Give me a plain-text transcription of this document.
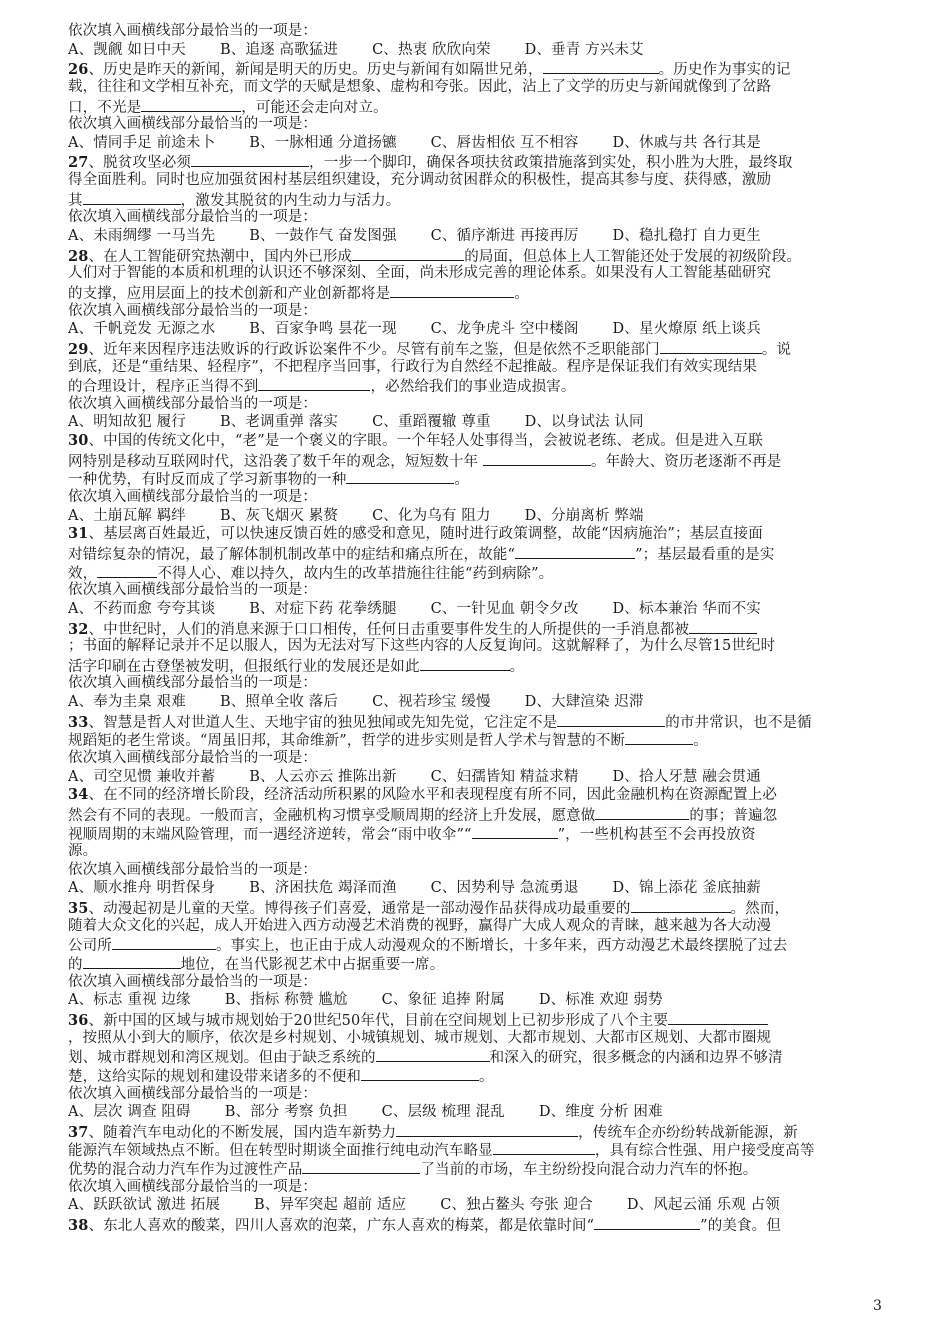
依次填入画横线部分最恰当的一项是：
A、觊觎 如日中天 B、追逐 高歌猛进 C、热衷 欣欣向荣 D、垂青 方兴未艾
26、历史是昨天的新闻，新闻是明天的历史。历史与新闻有如隔世兄弟，	。历史作为事实的记
载，往往和文学相互补充，而文学的天赋是想象、虚构和夸张。因此，沾上了文学的历史与新闻就像到了岔路
口，不光是	，可能还会走向对立。
依次填入画横线部分最恰当的一项是：
A、情同手足 前途未卜 B、一脉相通 分道扬镳 C、唇齿相依 互不相容 D、休戚与共 各行其是
27、脱贫攻坚必须	，一步一个脚印，确保各项扶贫政策措施落到实处，积小胜为大胜，最终取
得全面胜利。同时也应加强贫困村基层组织建设，充分调动贫困群众的积极性，提高其参与度、获得感，激励
其	，激发其脱贫的内生动力与活力。
依次填入画横线部分最恰当的一项是：
A、未雨绸缪 一马当先 B、一鼓作气 奋发图强 C、循序渐进 再接再厉 D、稳扎稳打 自力更生
28、在人工智能研究热潮中，国内外已形成	的局面，但总体上人工智能还处于发展的初级阶段。
人们对于智能的本质和机理的认识还不够深刻、全面，尚未形成完善的理论体系。如果没有人工智能基础研究
的支撑，应用层面上的技术创新和产业创新都将是	。
依次填入画横线部分最恰当的一项是：
A、千帆竞发 无源之水 B、百家争鸣 昙花一现 C、龙争虎斗 空中楼阁 D、星火燎原 纸上谈兵
29、近年来因程序违法败诉的行政诉讼案件不少。尽管有前车之鉴，但是依然不乏职能部门	。说
到底，还是“重结果、轻程序”，不把程序当回事，行政行为自然经不起推敲。程序是保证我们有效实现结果
的合理设计，程序正当得不到	，必然给我们的事业造成损害。
依次填入画横线部分最恰当的一项是：
A、明知故犯 履行 B、老调重弹 落实 C、重蹈覆辙 尊重 D、以身试法 认同
30、中国的传统文化中，“老”是一个褒义的字眼。一个年轻人处事得当，会被说老练、老成。但是进入互联
网特别是移动互联网时代，这沿袭了数千年的观念，短短数十年	。年龄大、资历老逐渐不再是
一种优势，有时反而成了学习新事物的一种	。
依次填入画横线部分最恰当的一项是：
A、土崩瓦解 羁绊 B、灰飞烟灭 累赘 C、化为乌有 阻力 D、分崩离析 弊端
31、基层离百姓最近，可以快速反馈百姓的感受和意见，随时进行政策调整，故能“因病施治”；基层直接面
对错综复杂的情况，最了解体制机制改革中的症结和痛点所在，故能“	”；基层最看重的是实
效，	不得人心、难以持久，故内生的改革措施往往能“药到病除”。
依次填入画横线部分最恰当的一项是：
A、不药而愈 夸夸其谈 B、对症下药 花拳绣腿 C、一针见血 朝令夕改 D、标本兼治 华而不实
32、中世纪时，人们的消息来源于口口相传，任何日击重要事件发生的人所提供的一手消息都被
；书面的解释记录并不足以服人，因为无法对写下这些内容的人反复询问。这就解释了，为什么尽管15世纪时
活字印刷在古登堡被发明，但报纸行业的发展还是如此	。
依次填入画横线部分最恰当的一项是：
A、奉为圭臬 艰难 B、照单全收 落后 C、视若珍宝 缓慢 D、大肆渲染 迟滞
33、智慧是哲人对世道人生、天地宇宙的独见独闻或先知先觉，它注定不是	的市井常识，也不是循
规蹈矩的老生常谈。“周虽旧邦，其命维新”，哲学的进步实则是哲人学术与智慧的不断	。
依次填入画横线部分最恰当的一项是：
A、司空见惯 兼收并蓄 B、人云亦云 推陈出新 C、妇孺皆知 精益求精 D、拾人牙慧 融会贯通
34、在不同的经济增长阶段，经济活动所积累的风险水平和表现程度有所不同，因此金融机构在资源配置上必
然会有不同的表现。一般而言，金融机构习惯享受顺周期的经济上升发展，愿意做	的事；普遍忽
视顺周期的末端风险管理，而一遇经济逆转，常会“雨中收伞”“	”，一些机构甚至不会再投放资
源。
依次填入画横线部分最恰当的一项是：
A、顺水推舟 明哲保身 B、济困扶危 竭泽而渔 C、因势利导 急流勇退 D、锦上添花 釜底抽薪
35、动漫起初是儿童的天堂。博得孩子们喜爱，通常是一部动漫作品获得成功最重要的	。然而，
随着大众文化的兴起，成人开始进入西方动漫艺术消费的视野，赢得广大成人观众的青睐，越来越为各大动漫
公司所	。事实上，也正由于成人动漫观众的不断增长，十多年来，西方动漫艺术最终摆脱了过去
的	地位，在当代影视艺术中占据重要一席。
依次填入画横线部分最恰当的一项是：
A、标志 重视 边缘 B、指标 称赞 尴尬 C、象征 追捧 附属 D、标准 欢迎 弱势
36、新中国的区域与城市规划始于20世纪50年代，目前在空间规划上已初步形成了八个主要
，按照从小到大的顺序，依次是乡村规划、小城镇规划、城市规划、大都市规划、大都市区规划、大都市圈规
划、城市群规划和湾区规划。但由于缺乏系统的	和深入的研究，很多概念的内涵和边界不够清
楚，这给实际的规划和建设带来诸多的不便和	。
依次填入画横线部分最恰当的一项是：
A、层次 调查 阻碍 B、部分 考察 负担 C、层级 梳理 混乱 D、维度 分析 困难
37、随着汽车电动化的不断发展，国内造车新势力	，传统车企亦纷纷转战新能源，新
能源汽车领域热点不断。但在转型时期谈全面推行纯电动汽车略显	，具有综合性强、用户接受度高等
优势的混合动力汽车作为过渡性产品	了当前的市场，车主纷纷投向混合动力汽车的怀抱。
依次填入画横线部分最恰当的一项是：
A、跃跃欲试 激进 拓展 B、异军突起 超前 适应 C、独占鳌头 夸张 迎合 D、风起云涌 乐观 占领
38、东北人喜欢的酸菜，四川人喜欢的泡菜，广东人喜欢的梅菜，都是依靠时间“	”的美食。但
3
